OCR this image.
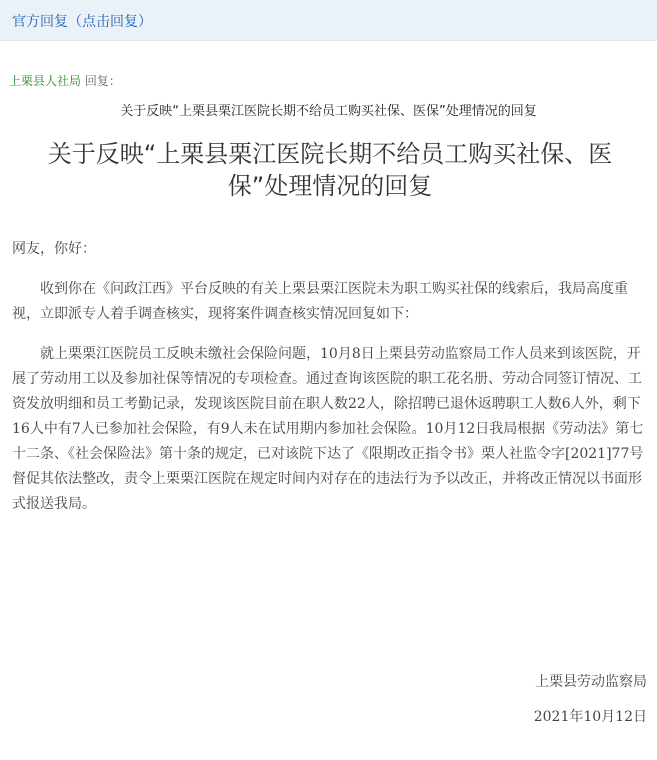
官方回复（点击回复）
上栗县人社局 回复：
关于反映“上栗县栗江医院长期不给员工购买社保、医保”处理情况的回复
关于反映“上栗县栗江医院长期不给员工购买社保、医保”处理情况的回复
网友，你好：

收到你在《问政江西》平台反映的有关上栗县栗江医院未为职工购买社保的线索后，我局高度重视，立即派专人着手调查核实，现将案件调查核实情况回复如下：

就上栗栗江医院员工反映未缴社会保险问题，10月8日上栗县劳动监察局工作人员来到该医院，开展了劳动用工以及参加社保等情况的专项检查。通过查询该医院的职工花名册、劳动合同签订情况、工资发放明细和员工考勤记录，发现该医院目前在职人数22人，除招聘已退休返聘职工人数6人外，剩下16人中有7人已参加社会保险，有9人未在试用期内参加社会保险。10月12日我局根据《劳动法》第七十二条、《社会保险法》第十条的规定，已对该院下达了《限期改正指令书》栗人社监令字[2021]77号督促其依法整改，责令上栗栗江医院在规定时间内对存在的违法行为予以改正，并将改正情况以书面形式报送我局。

上栗县劳动监察局
2021年10月12日
